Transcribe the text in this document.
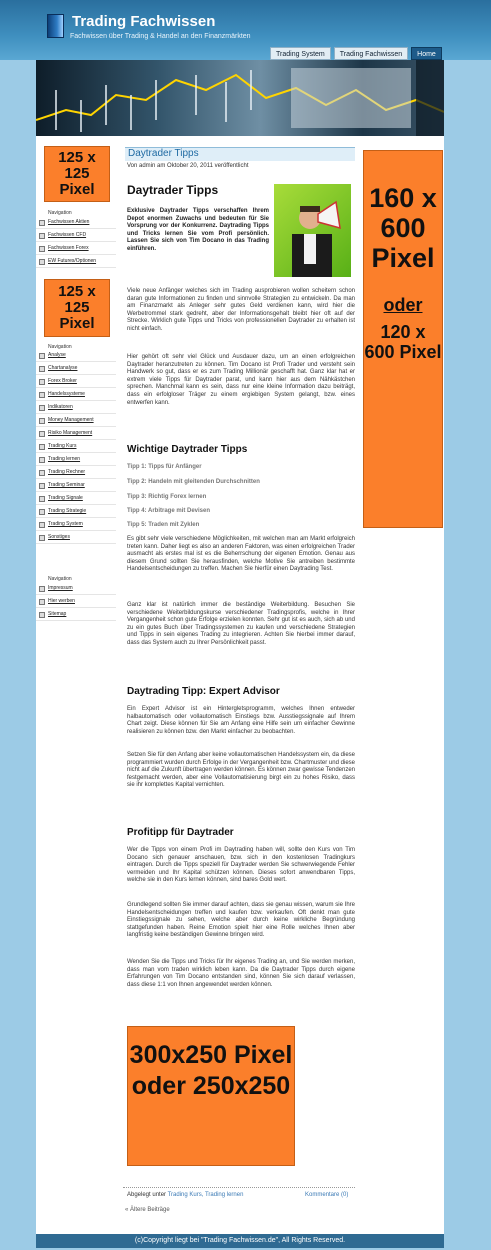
Trading Fachwissen
Fachwissen über Trading & Handel an den Finanzmärkten
Trading System	Trading Fachwissen	Home
125 x 125 Pixel
Navigation
Fachwissen Aktien
Fachwissen CFD
Fachwissen Forex
EW Futures/Optionen
125 x 125 Pixel
Navigation
Analyse
Chartanalyse
Forex Broker
Handelssysteme
Indikatoren
Money Management
Risiko Management
Trading Kurs
Trading lernen
Trading Rechner
Trading Seminar
Trading Signale
Trading Strategie
Trading System
Sonstiges
Navigation
Impressum
Hier werben
Sitemap
Daytrader Tipps
Von admin am Oktober 20, 2011 veröffentlicht
Daytrader Tipps
Exklusive Daytrader Tipps verschaffen Ihrem Depot enormen Zuwachs und bedeuten für Sie Vorsprung vor der Konkurrenz. Daytrading Tipps und Tricks lernen Sie vom Profi persönlich. Lassen Sie sich von Tim Docano in das Trading einführen.
Viele neue Anfänger welches sich im Trading ausprobieren wollen scheitern schon daran gute Informationen zu finden und sinnvolle Strategien zu entwickeln. Da man am Finanzmarkt als Anleger sehr gutes Geld verdienen kann, wird hier die Werbetrommel stark gedreht, aber der Informationsgehalt bleibt hier oft auf der Strecke. Wirklich gute Tipps und Tricks von professionellen Daytrader zu erhalten ist nicht einfach.
Hier gehört oft sehr viel Glück und Ausdauer dazu, um an einen erfolgreichen Daytrader heranzutreten zu können. Tim Docano ist Profi Trader und versteht sein Handwerk so gut, dass er es zum Trading Millionär geschafft hat. Ganz klar hat er extrem viele Tipps für Daytrader parat, und kann hier aus dem Nähkästchen sprechen. Manchmal kann es sein, dass nur eine kleine Information dazu beiträgt, dass ein erfolgloser Träger zu einem ergiebigen System gelangt, bzw. eines entwerfen kann.
Wichtige Daytrader Tipps
Tipp 1: Tipps für Anfänger
Tipp 2: Handeln mit gleitenden Durchschnitten
Tipp 3: Richtig Forex lernen
Tipp 4: Arbitrage mit Devisen
Tipp 5: Traden mit Zyklen
Es gibt sehr viele verschiedene Möglichkeiten, mit welchen man am Markt erfolgreich treten kann. Daher liegt es also an anderen Faktoren, was einen erfolgreichen Trader ausmacht als erstes mal ist es die Beherrschung der eigenen Emotion. Genau aus diesem Grund sollten Sie herausfinden, welche Motive Sie antreiben bestimmte Handelsentscheidungen zu treffen. Machen Sie hierfür einen Daytrading Test.
Ganz klar ist natürlich immer die beständige Weiterbildung. Besuchen Sie verschiedene Weiterbildungskurse verschiedener Tradingsprofis, welche in Ihrer Vergangenheit schon gute Erfolge erzielen konnten. Sehr gut ist es auch, sich ab und zu ein gutes Buch über Tradingssystemen zu kaufen und verschiedene Strategien und Tipps in sein eigenes Trading zu integrieren. Achten Sie hierbei immer darauf, dass das System auch zu Ihrer Persönlichkeit passt.
Daytrading Tipp: Expert Advisor
Ein Expert Advisor ist ein Hintergletsprogramm, welches Ihnen entweder halbautomatisch oder vollautomatisch Einstiegs bzw. Ausstiegssignale auf Ihrem Chart zeigt. Diese können für Sie am Anfang eine Hilfe sein um einfacher Gewinne realisieren zu können bzw. den Markt einfacher zu beobachten.
Setzen Sie für den Anfang aber keine vollautomatischen Handelssystem ein, da diese programmiert wurden durch Erfolge in der Vergangenheit bzw. Chartmuster und diese nicht auf die Zukunft übertragen werden können. Es können zwar gewisse Tendenzen festgemacht werden, aber eine Vollautomatisierung birgt ein zu hohes Risiko, dass sie ihr komplettes Kapital vernichten.
Profitipp für Daytrader
Wer die Tipps von einem Profi im Daytrading haben will, sollte den Kurs von Tim Docano sich genauer anschauen, bzw. sich in den kostenlosen Tradingkurs eintragen. Durch die Tipps speziell für Daytrader werden Sie schwerwiegende Fehler vermeiden und Ihr Kapital schützen können. Dieses sofort anwendbaren Tipps, welche sie in den Kurs lernen können, sind bares Gold wert.
Grundlegend sollten Sie immer darauf achten, dass sie genau wissen, warum sie Ihre Handelsentscheidungen treffen und kaufen bzw. verkaufen. Oft denkt man gute Einstiegssignale zu sehen, welche aber durch keine wirkliche Begründung stattgefunden haben. Reine Emotion spielt hier eine Rolle welches Ihnen aber langfristig keine beständigen Gewinne bringen wird.
Wenden Sie die Tipps und Tricks für Ihr eigenes Trading an, und Sie werden merken, dass man vom traden wirklich leben kann. Da die Daytrader Tipps durch eigene Erfahrungen von Tim Docano entstanden sind, können Sie sich darauf verlassen, dass diese 1:1 von Ihnen angewendet werden können.
300x250 Pixel oder 250x250
Abgelegt unter Trading Kurs, Trading lernen	Kommentare (0)
« Ältere Beiträge
160 x 600 Pixel
oder
120 x 600 Pixel
(c)Copyright liegt bei "Trading Fachwissen.de", All Rights Reserved.
